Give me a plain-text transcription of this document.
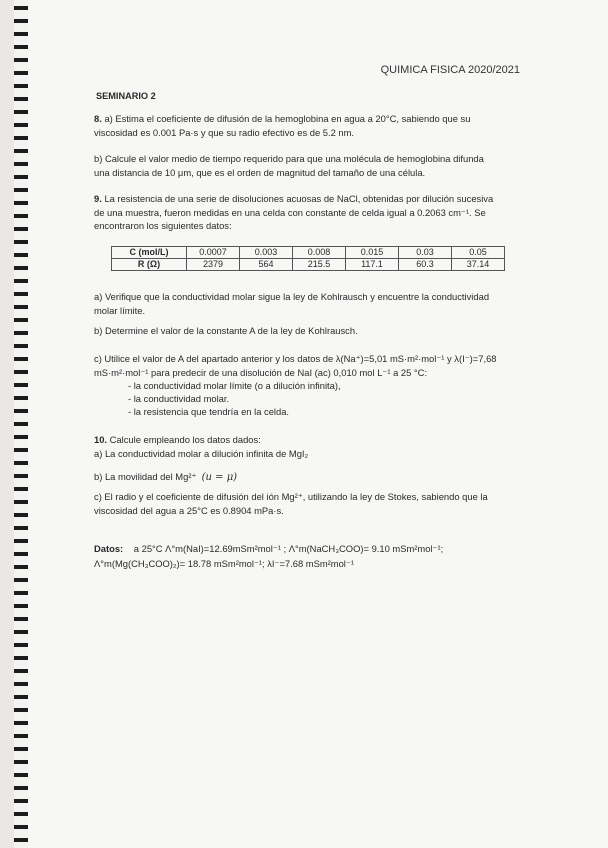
QUIMICA FISICA 2020/2021
SEMINARIO 2
8. a) Estima el coeficiente de difusión de la hemoglobina en agua a 20°C, sabiendo que su
viscosidad es 0.001 Pa·s y que su radio efectivo es de 5.2 nm.
b) Calcule el valor medio de tiempo requerido para que una molécula de hemoglobina difunda
una distancia de 10 μm, que es el orden de magnitud del tamaño de una célula.
9. La resistencia de una serie de disoluciones acuosas de NaCl, obtenidas por dilución sucesiva
de una muestra, fueron medidas en una celda con constante de celda igual a 0.2063 cm⁻¹. Se
encontraron los siguientes datos:
C (mol/L)	0.0007	0.003	0.008	0.015	0.03	0.05
R (Ω)	2379	564	215.5	117.1	60.3	37.14
a) Verifique que la conductividad molar sigue la ley de Kohlrausch y encuentre la conductividad
molar límite.
b) Determine el valor de la constante A de la ley de Kohlrausch.
c) Utilice el valor de A del apartado anterior y los datos de λ(Na⁺)=5,01 mS·m²·mol⁻¹ y λ(I⁻)=7,68
mS·m²·mol⁻¹ para predecir de una disolución de NaI (ac) 0,010 mol L⁻¹ a 25 °C:
- la conductividad molar límite (o a dilución infinita),
- la conductividad molar.
- la resistencia que tendría en la celda.
10. Calcule empleando los datos dados:
a) La conductividad molar a dilución infinita de MgI₂
b) La movilidad del Mg²⁺ (u = μ)
c) El radio y el coeficiente de difusión del ión Mg²⁺, utilizando la ley de Stokes, sabiendo que la
viscosidad del agua a 25°C es 0.8904 mPa·s.
Datos: a 25°C Λ°m(NaI)=12.69mSm²mol⁻¹ ; Λ°m(NaCH₃COO)= 9.10 mSm²mol⁻¹;
Λ°m(Mg(CH₃COO)₂)= 18.78 mSm²mol⁻¹; λI⁻=7.68 mSm²mol⁻¹
